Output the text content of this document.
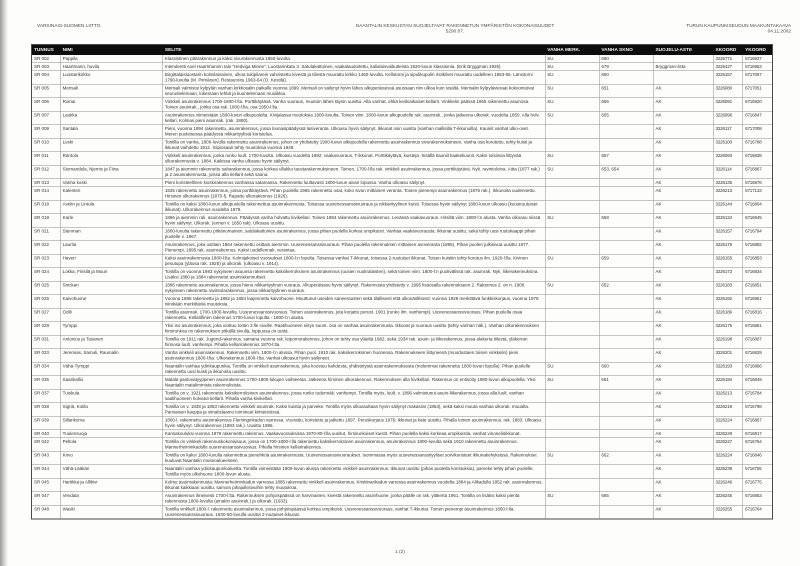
VARSINAIS-SUOMEN LIITTO	NAANTALIN KESKUSTAN SUOJELTAVAT RAKENNETUN YMPÄRISTÖN KOKONAISUUDET
5290.07.
TURUN KAUPUNKISEUDUN MAAKUNTAKAAVA
04.11.2002
TUNNUS	NIMI	SELITE	VANHA MERK.	VANHA SKNO	SUOJELU-ASTE	XKOORD	YKOORD
SR 002	Pappila	Klassistinen päärakennus ja kaksi sivurakennusta 1850-luvulta.	SU	680		3226771	6716937
SR 003	Haartmann, huvila	Intendentti Axel Haartmannin talo "Hedviga Minne", Luostarinkatu 3. Satulakattoinen, vaakalaudoitettu, italialaisvaikutteista 1920-luvun klassismia. (Erik Bryggman 1926)	SU	679	Bryggman-lista	3226427	6716953
SR 004	Luostarikirkko	Birgittalaisluostarin kolmilaivainen, ulkoa tukipilarein vahvistettu kivestä ja tiilestä muurattu kirkko 1460-luvulta. Kellotorni ja sipulikupolin ristikilvet muurattu uudelleen 1863-66. Länsitorni 1790-luvulta (M. Piimänen). Restauroitu 1963-64 (O. Kestilä).	SU	650		3226157	6717067
SR 005	Merisali	Merisali valmistui kylpylän vanhan kirkkosalin paikalle vuonna 1899. Merisali on säilynyt hyvin lähes alkuperäisessä asussaan niin ulkoa kuin sisältä. Merisalin kylpylävieraat kokoontuivat seurustelemaan, lukemaan lehtiä ja kuuntelemaan musiikkia.	SU	651	AK	3226080	6717051
SR 006	Roinai	Vinkkeli asuinrakennus 1700-1800-l:lta. Porttikäytävä. Vanha vuoraus, muutoin lähes täysin uusittu. Alla vanhat, ehkä keskiaikaiset kellarit. Vinkkelin päässä 1955 rakennettu asuinosa. Toinen asuinrak., jonka osa rak. 1800-l:lla, osa 1950-l:lla.	SU	656	AK	3226091	6716920
SR 007	Laukka	Asuinrakennus viimeistään 1800-luvun alkupuolelta. Kivijalassa muutoksia 1900-luvulta. Toinen viim. 1800-luvun alkupuolelle rak. asuinrak., jonka jatkeena ulkorak. vuodelta 1850. Alla holv. kellari. Kolmas pieni asuinrak. (rak. 1880).	SU	655	AK	3226096	6716847
SR 009	Santala	Pieni, vuonna 1894 rakennettu, asuinrakennus, jossa lounaispäädyssä lasiveranta. Ulkoasu hyvin säilynyt. Ikkunat osin uusittu (vanhan mallisilla T-ikkunoilla). Kauniit vanhat ulko-ovet. Meren puoleisessa päädyssä nikkarityylistä koristelua.			AK	3226117	6717008
SR 010	Leski	Tontilla on vanha, 1800-luvulla rakennettu asuinrakennus, johon on yhdistetty 1900-luvun alkupuolella rakennettu asuinrakennus sivurakennuksineen. Vanha osa korotettu, tehty kuisti ja ikkunat vaihdettu 1912. Siipiosaan tehty muutoksia vuonna 1949.			AK	3226100	6716788
SR 011	Rantola	Vinkkeli asuinrakennus, jonka runko luult. 1700-luvulta. Ulkoasu vuodelta 1892: vaakavuoraus, T-ikkunat. Porttikäytävä, kuisteja. Sisällä kauniit kaakeliuunit. Kaksi toisiinsa liittyvää ulkorakennusta v. 1884. Kaikissa vanha ulkoasu hyvin säilynyt.	SU	657	AK	3226093	6716838
SR 012	Stomandela, Njemis ja Fiina	1847 ja aiemmin rakennettu saharakennus, jossa korkea ullakko taustarakennuksineen. Toinen, 1700-l:lla rak. vinkkeli asuinrakennus, jossa porttikäytävä. Nyk. ravintoloina. Aitta (1877 rak.) ja 2 asuinrakennusta, joissa alla kellarit sekä sauna.	SU	653, 654	AK	3226114	6716867
SR 013	Vanha koski	Pieni koristeellinen kioskirakennus vanhassa satamassa. Rakennettu luultavasti 1800-luvun aivan lopussa. Vanha ulkoasu säilynyt.			AK	3226135	6716876
SR 014	Kalenteri	1835 rakennettu asuinrakennus, jossa porttikäytävä. Pihan puolella 1965 rakennettu osat, koko sivun mittainen veranta. Toinen pienempi asuinrakennus (1876 rak.). Ikkunoita uudennettu. Hirsinen ulkorakennus (1870-l). Rapattu ulkorakennus (1926).			AK	3226213	6717133
SR 018	Avelin ja Lintula	Tontilla on kaksi 1800-luvun alkupuolella rakennettua asuinrakennusta. Toisessa uusrenessanssivuoraus ja nikkarityylinen kuisti. Toisessa hyvin säilynyt 1800-luvun ulkoasu (kuusiruutuiset ikkunat). Ulkorakennus vuodelta 1879.			AK	3226144	6716804
SR 019	Karle	1866 ja aiemmin rak. asuinrakennus. Päädyssä vanha holvattu kivikellari. Toinen 1884 rakennettu asuinrakennus. Levässä vaakavuoraus. Hirsiltä viim. 1800-l:n alusta. Vanha ulkoasu niissä hyvin säilynyt. Ulkorak. (ennen v. 1850 rak). Ulkoasu uusittu.	SU	658	AK	3226134	6716845
SR 021	Stenman	1800-luvulta rakennettu pitkänomainen, satulakattoinen asuinrakennus, jossa pihan puolella korkea umpikuisti. Vanhaa vaakavuorausta. Ikkunat uusittu, sekä tehty uusi ruutukaappi pihan puolelle v. 1967.			AK	3226157	6716794
SR 022	Laurila	Asuinrakennus, joka osittain 1864 rakennettu osittain aiemmin. Uusrenessanssivuoraus. Pihan puolella rakennuksen mittainen avoveranta (1895). Pihan puolen julkisivua uusittu 1977. Pienempi, 1895 rak. asuinrakennus. Kaksi uudellennak. verantaa.			AK	3226176	6716892
SR 023	Haveri	Kaksi asuinrakennusta 1800-l:lta. Kolmijakoiset vuoraukset 1800-l:n lopulta. Toisessa vanhat T-ikkunat, toisessa 2-ruutuiset ikkunat. Toisen kuistiin tehty korotus ilm. 1920-l:lla. Kivinen pesutupa (yläosa rak. 1926) ja ulkorak. (ulkoasu v. 1914).	SU	659	AK	3226155	6716853
SR 024	Lokka, Friisilä ja Muuri	Tontilla on vuonna 1983 nykyiseen asuunsa rakennettu kaksikerroksinen asuinrakennus (uusien vuokralaisten), sekä toinen viim. 1800-l:n puolivälissä rak. asuinrak. Nyk. liikerakennuksina. Lisäksi 1880 ja 1884 rakennetut asuinrakennukset.			AK	3226173	6716834
SR 025	Snickari	1896 rakennettu asuinrakennus, jossa hieno nikkarityylinen vuoraus. Alkuperäisasu hyvin säilynyt. Rakennusta yhdistetty v. 1995 lisäosalla rakennukseen 2. Rakennus 2. on n. 1900 nykyiseen rakennettu ravintolarakennus, jossa nikkarityylinen vuoraus.	SU	652	AK	3226183	6716851
SR 026	Kaivohuone	Vuonna 1868 rakennettu ja 1882 ja 1884 laajennettu kaivohuone. Muuttunut useiden saneerausten sekä tilallisesti että ulkonäöllisesti: vuonna 1929 merkittävä funkkiskorjaus, vuonna 1979 niinikään merkittäviä muutoksia.			AK	3226192	6716951
SR 027	Odili	Tontilla asuinrak. 1700-1800-luvuilta. Uusrenessanssivuoraus. Toinen asuinrakennus, jota korjattu perust. 1901 (runko ilm. vanhempi). Uusrenessanssivuoraus. Pihan puolella osaa rakennettu. Kellarillinen rakennus 1700-luvun lopulta - 1800-l:n alusta.			AK	3226186	6716816
SR 028	Tymppi	Yksi iso asuinrakennus, joka ulottuu tontin 3:lle sivulle. Raatihuoneen niityn suunt. osa on vanhaa asuinrakennusta. Ikkunat ja vuoraus uusittu (tehty vanhan näk.). Vanhan ulkorakennuksen hirsirunkoa on rakennuksen pitkällä sivulla, loppuosa on uutta.			AK	3226175	6716861
SR 031	Antonius ja Tasanen	Tontilla on 1911 rak. Jugend-rakennus, samana vuonna rak. leipomorakennus, johon on tehty osa yläeltä 1982, sekä 1934 rak. asuin- ja liikerakennus, jossa alakerta tiilestä, yläkerran hirsiosa luult. vanhempi. Pihalla kellarirakennus 1870-l:lta.			AK	3226198	6716807
SR 033	Jeremias, Samuli, Raumalin	Vanha vinkkeli asuinrakennus. Rakennettu viim. 1800-l:n alussa. Pihan puol. 1910 rak. kaksikerroksinen huoneosa. Rakennukseen liittyneenä (muodostaen toisen vinkkelin) pieni asuinrakennus 1800-l:lta. Ulkorakennus 1800-l:lta. Vanhat ulkoasut hyvin säilyneet.			AK	3226201	6716829
SR 034	Vähä-Tymppi	Naantalin vanhaa ydinkaupunkia. Tontilla on vinkkeli asuinrakennus, joka koostuu kahdesta, yhdistetystä asuinrakennuksesta (molemmat rakennettu 1800-luvun lopulla). Pihan puolelle rakennettu uusi kuisti ja ikkunoita uusittu.	SU	660	AK	3226193	6716866
SR 035	Saarikallio	Matala parituvatyyppinen asuinrakennus 1700-1800-lukujen vaihteesta. Jatkeena hirsinen ulkorakennus. Rakennuksen alla kivikellari. Rakennus on entisöity 1980-luvun alkupuolella. Yksi Naantalin matalimmista rakennuksista.	SU	661	AK	3226194	6716849
SR 037	Tuiskula	Tontilla on v. 1921 rakennettu kaksikerroksinen asuinrakennus, jossa runko todennäk. vanhempi. Tontilla myös, luult. v. 1896 valmistunut asuin-liikerakennus, jossa alla luult. vanhan saalihuoneen holvatut kellarit. Pihalla vanha kivikellari.			AK	3226213	6716784
SR 038	Sigriä, Kotila	Tontilla on v. 1838 ja 1853 rakennettu vinkkeli asuinrak. Kaksi kuistia ja parveke. Tontilla myös ulkoasultaan hyvin säilynyt makasiini (1854), sekä kaksi muuta vanhaa ulkorak. muualta. Parviaisen kauppa ja viinatislaamo toimineet kiinteistössä.			AK	3226218	6716798
SR 039	Sillankorva	1800-l. rakennettu asuinrakennus Fleminginkadun varressa. Vuorattu, koristettu ja jatkettu 1897. Peruskorjaus 1976: ikkunat ja kate uusittu. Pihalla toinen asuinrakennus, rak. 1883. Ulkoasu hyvin säilynyt. Ulkorakennus (1883 rak.). Uusittu 1996.			AK	3226224	6716867
SR 040	Tuulensuoja	Kansakouluksi vuonna 1879 rakennettu rakennus. Vaakavuorauksissa 1970-80-l:lla uusitut, hirsirunkoiset kuistit. Pihan puolella kaksi korkeaa umpikuistia, vanhat vinoneliöikkunat.			AK	3226229	6716917
SR 042	Peltola	Tontilla on vinkkeli rakennuskokonaisuus, jossa on 1700-1800-l:lla rakennettu kaksikerroksinen asuinrakennus, asuinrakennus 1800-luvulta sekä 1910 rakennettu asuinrakennus. Mannerheiminkadulle uusrenessanssivuoraus. Pihalla hirsinen kellarirakennus.			AK	3226227	6716764
SR 043	Kirvo	Tontilla on kaksi 1800-luvulla rakennettua pienehköä asuinrakennusta. Uusrenessanssivuoraukset. Isommassa myös uusrenessanssityyliset sorvikoristeet ikkunakehyksissä. Rakennukset kuuluvat Naantalin museoalueeseen.	SU	662	AK	3226224	6716846
SR 044	Vähä-Lääkäri	Naantalin vanhaa ydinkaupunkialuetta. Tontilla viimeistään 1800-luvun alussa rakennettu vinkkeli asuinrakennus. Ikkunat uusittu (pihan puolella koristuksia), parveke tehty pihan puolelle. Tontilla myös ulkohuone 1800-luvun alusta.			AK	3226239	6716755
SR 045	Hartikka ja Allikivi	Kolme asuinrakennusta: Mannerheiminkadun varressa 1885 rakennettu vinkkeli asuinrakennus, Kristiinankadun varressa asuinrakennus vuodelta 1884 ja Alikadulla 1852 rak. asuinrakennus. Ikkunat kaikkiaan uusittu, samoin pihajulkisivuihin tehty muutoksia.			AK	3226246	6716775
SR 047	Vendala	Asuinrakennus ilmeisesti 1700-l:lta. Rakennuksen pohjoispäässä on harvinainen, kivestä rakennettu asuinhuone, jonka päälle on rak. yläkerta 1961. Tontilla on lisäksi kaksi pientä rakennusta 1800-luvulta (ainakin asuinrak.) ja ulkorak. (1933).	SU	665	AK	3226245	6716853
SR 048	Waski	Tontilla vinkkeli 1800-l. rakennettu asuinrakennus, jossa pohjoispäässä korkea umpikuisti. Uusrenessanssivuoraus, vanhat T-ikkunat. Toinen pienempi asuinrakennus 1800-l:lta. Uusrenessanssivuoraus. 1930-50-luvulla uusitut 2-ruutuiset ikkunat.			AK	3226255	6716764
1 (2)
